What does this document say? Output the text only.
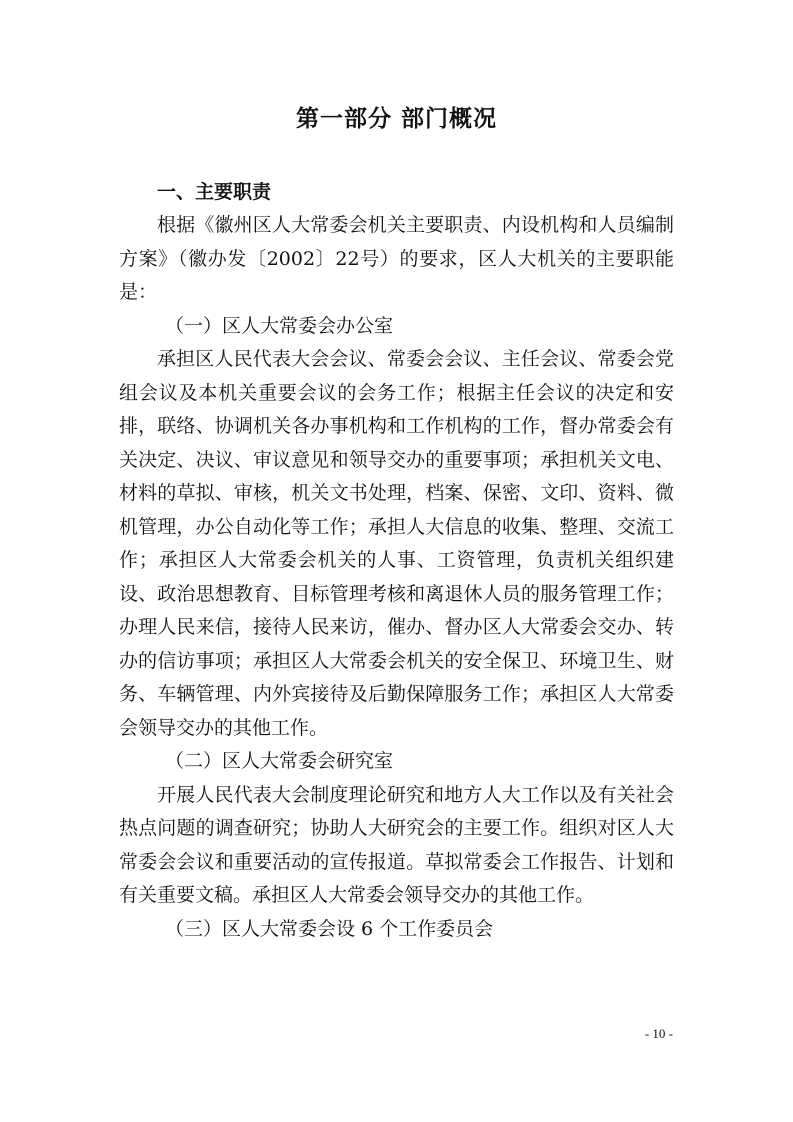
第一部分 部门概况
一、主要职责

根据《徽州区人大常委会机关主要职责、内设机构和人员编制方案》（徽办发〔2002〕22号）的要求，区人大机关的主要职能是：

（一）区人大常委会办公室

承担区人民代表大会会议、常委会会议、主任会议、常委会党组会议及本机关重要会议的会务工作；根据主任会议的决定和安排，联络、协调机关各办事机构和工作机构的工作，督办常委会有关决定、决议、审议意见和领导交办的重要事项；承担机关文电、材料的草拟、审核，机关文书处理，档案、保密、文印、资料、微机管理，办公自动化等工作；承担人大信息的收集、整理、交流工作；承担区人大常委会机关的人事、工资管理，负责机关组织建设、政治思想教育、目标管理考核和离退休人员的服务管理工作；办理人民来信，接待人民来访，催办、督办区人大常委会交办、转办的信访事项；承担区人大常委会机关的安全保卫、环境卫生、财务、车辆管理、内外宾接待及后勤保障服务工作；承担区人大常委会领导交办的其他工作。

（二）区人大常委会研究室

开展人民代表大会制度理论研究和地方人大工作以及有关社会热点问题的调查研究；协助人大研究会的主要工作。组织对区人大常委会会议和重要活动的宣传报道。草拟常委会工作报告、计划和有关重要文稿。承担区人大常委会领导交办的其他工作。

（三）区人大常委会设 6 个工作委员会

- 10 -
